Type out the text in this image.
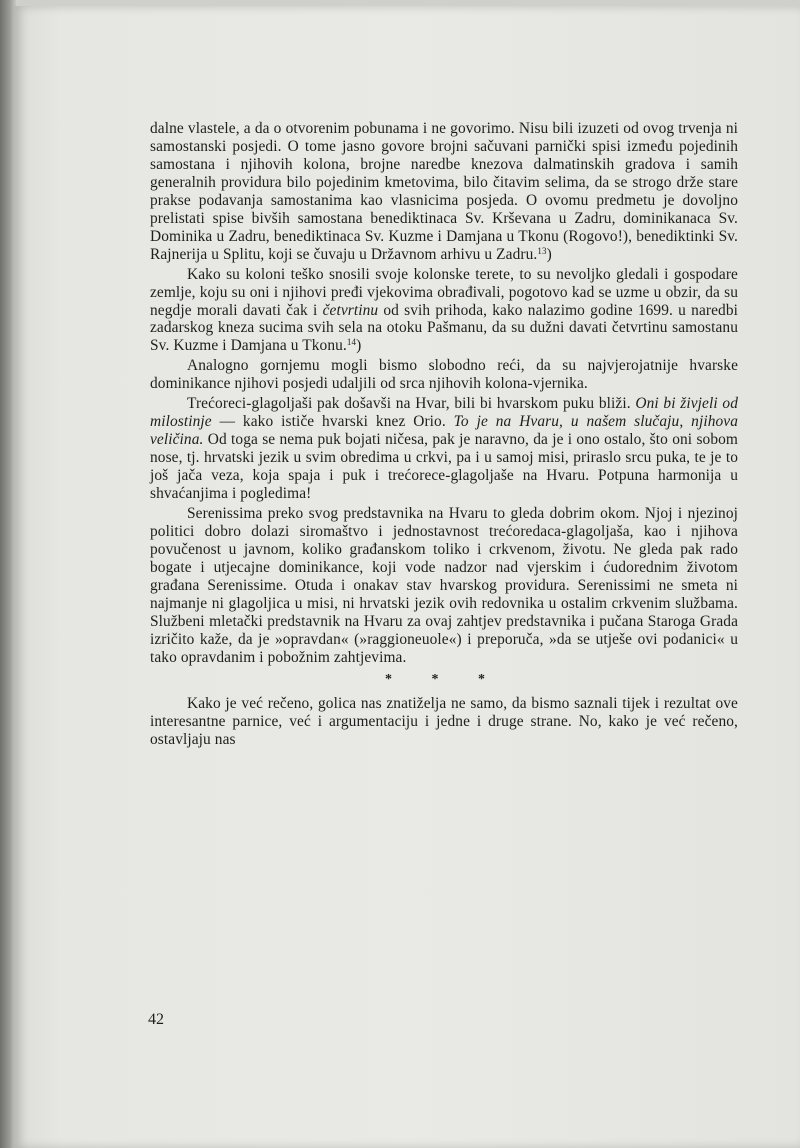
dalne vlastele, a da o otvorenim pobunama i ne govorimo. Nisu bili izuzeti od ovog trvenja ni samostanski posjedi. O tome jasno govore brojni sačuvani parnički spisi između pojedinih samostana i njihovih kolona, brojne naredbe knezova dalmatinskih gradova i samih generalnih providura bilo pojedinim kmetovima, bilo čitavim selima, da se strogo drže stare prakse podavanja samostanima kao vlasnicima posjeda. O ovomu predmetu je dovoljno prelistati spise bivših samostana benediktinaca Sv. Krševana u Zadru, dominikanaca Sv. Dominika u Zadru, benediktinaca Sv. Kuzme i Damjana u Tkonu (Rogovo!), benediktinki Sv. Rajnerija u Splitu, koji se čuvaju u Državnom arhivu u Zadru.$^{13}$)

Kako su koloni teško snosili svoje kolonske terete, to su nevoljko gledali i gospodare zemlje, koju su oni i njihovi pređi vjekovima obrađivali, pogotovo kad se uzme u obzir, da su negdje morali davati čak i četvrtinu od svih prihoda, kako nalazimo godine 1699. u naredbi zadarskog kneza sucima svih sela na otoku Pašmanu, da su dužni davati četvrtinu samostanu Sv. Kuzme i Damjana u Tkonu.$^{14}$)

Analogno gornjemu mogli bismo slobodno reći, da su najvjerojatnije hvarske dominikance njihovi posjedi udaljili od srca njihovih kolona-vjernika.

Trećoreci-glagoljaši pak došavši na Hvar, bili bi hvarskom puku bliži. Oni bi živjeli od milostinje — kako ističe hvarski knez Orio. To je na Hvaru, u našem slučaju, njihova veličina. Od toga se nema puk bojati ničesa, pak je naravno, da je i ono ostalo, što oni sobom nose, tj. hrvatski jezik u svim obredima u crkvi, pa i u samoj misi, priraslo srcu puka, te je to još jača veza, koja spaja i puk i trećorece-glagoljaše na Hvaru. Potpuna harmonija u shvaćanjima i pogledima!

Serenissima preko svog predstavnika na Hvaru to gleda dobrim okom. Njoj i njezinoj politici dobro dolazi siromaštvo i jednostavnost trećoredaca-glagoljaša, kao i njihova povučenost u javnom, koliko građanskom toliko i crkvenom, životu. Ne gleda pak rado bogate i utjecajne dominikance, koji vode nadzor nad vjerskim i ćudorednim životom građana Serenissime. Otuda i onakav stav hvarskog providura. Serenissimi ne smeta ni najmanje ni glagoljica u misi, ni hrvatski jezik ovih redovnika u ostalim crkvenim službama. Službeni mletački predstavnik na Hvaru za ovaj zahtjev predstavnika i pučana Staroga Grada izričito kaže, da je »opravdan« (»raggioneuole«) i preporuča, »da se utješe ovi podanici« u tako opravdanim i pobožnim zahtjevima.

* * *

Kako je već rečeno, golica nas znatiželja ne samo, da bismo saznali tijek i rezultat ove interesantne parnice, već i argumentaciju i jedne i druge strane. No, kako je već rečeno, ostavljaju nas

42
